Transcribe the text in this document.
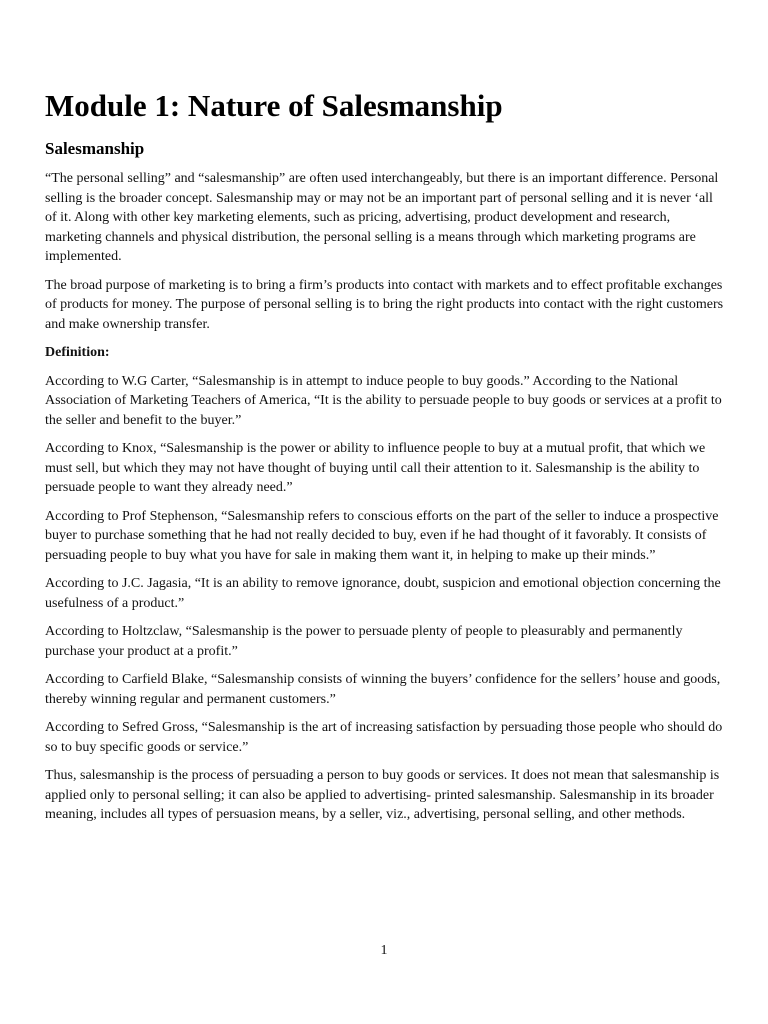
Module 1: Nature of Salesmanship
Salesmanship

“The personal selling” and “salesmanship” are often used interchangeably, but there is an important difference. Personal selling is the broader concept. Salesmanship may or may not be an important part of personal selling and it is never ‘all of it. Along with other key marketing elements, such as pricing, advertising, product development and research, marketing channels and physical distribution, the personal selling is a means through which marketing programs are implemented.

The broad purpose of marketing is to bring a firm’s products into contact with markets and to effect profitable exchanges of products for money. The purpose of personal selling is to bring the right products into contact with the right customers and make ownership transfer.

Definition:

According to W.G Carter, “Salesmanship is in attempt to induce people to buy goods.” According to the National Association of Marketing Teachers of America, “It is the ability to persuade people to buy goods or services at a profit to the seller and benefit to the buyer.”

According to Knox, “Salesmanship is the power or ability to influence people to buy at a mutual profit, that which we must sell, but which they may not have thought of buying until call their attention to it. Salesmanship is the ability to persuade people to want they already need.”

According to Prof Stephenson, “Salesmanship refers to conscious efforts on the part of the seller to induce a prospective buyer to purchase something that he had not really decided to buy, even if he had thought of it favorably. It consists of persuading people to buy what you have for sale in making them want it, in helping to make up their minds.”

According to J.C. Jagasia, “It is an ability to remove ignorance, doubt, suspicion and emotional objection concerning the usefulness of a product.”

According to Holtzclaw, “Salesmanship is the power to persuade plenty of people to pleasurably and permanently purchase your product at a profit.”

According to Carfield Blake, “Salesmanship consists of winning the buyers’ confidence for the sellers’ house and goods, thereby winning regular and permanent customers.”

According to Sefred Gross, “Salesmanship is the art of increasing satisfaction by persuading those people who should do so to buy specific goods or service.”

Thus, salesmanship is the process of persuading a person to buy goods or services. It does not mean that salesmanship is applied only to personal selling; it can also be applied to advertising- printed salesmanship. Salesmanship in its broader meaning, includes all types of persuasion means, by a seller, viz., advertising, personal selling, and other methods.

1
